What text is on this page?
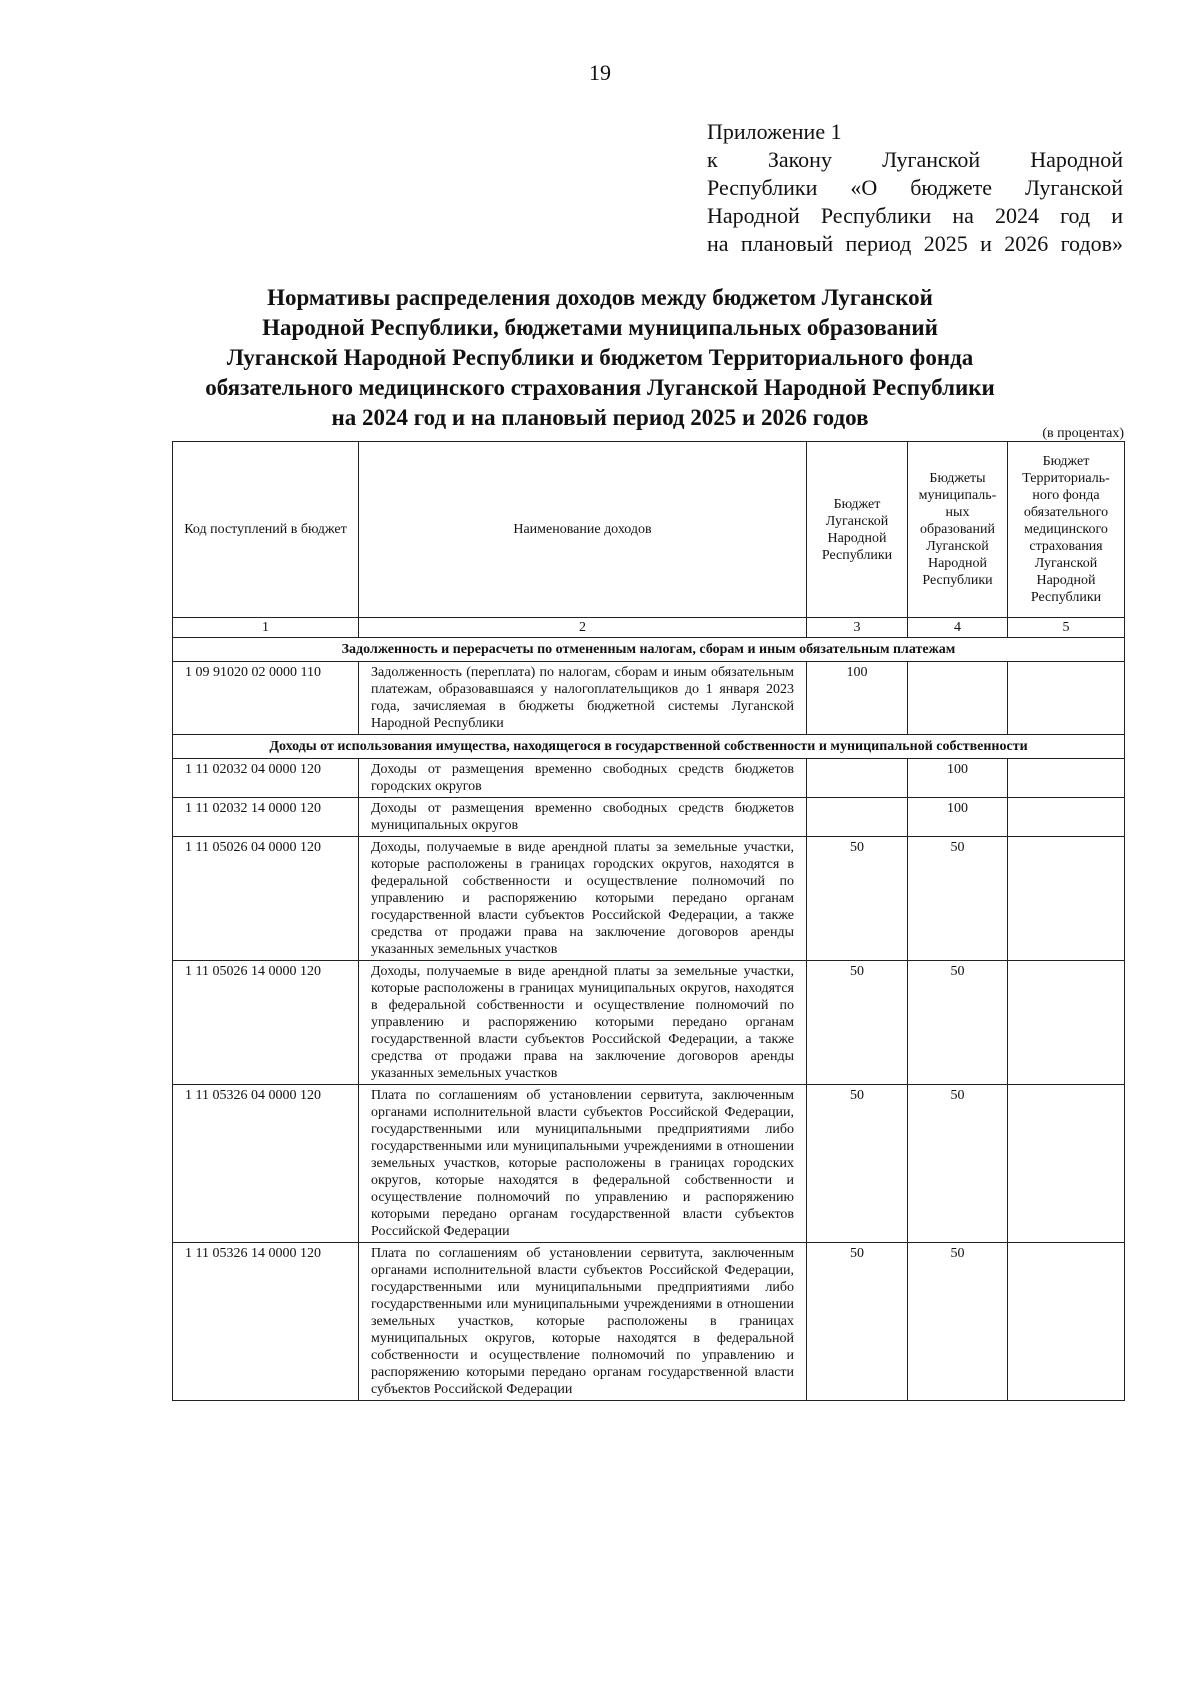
19
Приложение 1
к Закону Луганской Народной
Республики «О бюджете Луганской
Народной Республики на 2024 год и
на плановый период 2025 и 2026 годов»
Нормативы распределения доходов между бюджетом Луганской
Народной Республики, бюджетами муниципальных образований
Луганской Народной Республики и бюджетом Территориального фонда
обязательного медицинского страхования Луганской Народной Республики
на 2024 год и на плановый период 2025 и 2026 годов
(в процентах)
Код поступлений в бюджет	Наименование доходов	Бюджет Луганской Народной Республики	Бюджеты муниципаль-ных образований Луганской Народной Республики	Бюджет Территориаль-ного фонда обязательного медицинского страхования Луганской Народной Республики
1	2	3	4	5
Задолженность и перерасчеты по отмененным налогам, сборам и иным обязательным платежам				
1 09 91020 02 0000 110	Задолженность (переплата) по налогам, сборам и иным обязательным платежам, образовавшаяся у налогоплательщиков до 1 января 2023 года, зачисляемая в бюджеты бюджетной системы Луганской Народной Республики	100		
Доходы от использования имущества, находящегося в государственной собственности и муниципальной собственности				
1 11 02032 04 0000 120	Доходы от размещения временно свободных средств бюджетов городских округов		100	
1 11 02032 14 0000 120	Доходы от размещения временно свободных средств бюджетов муниципальных округов		100	
1 11 05026 04 0000 120	Доходы, получаемые в виде арендной платы за земельные участки, которые расположены в границах городских округов, находятся в федеральной собственности и осуществление полномочий по управлению и распоряжению которыми передано органам государственной власти субъектов Российской Федерации, а также средства от продажи права на заключение договоров аренды указанных земельных участков	50	50	
1 11 05026 14 0000 120	Доходы, получаемые в виде арендной платы за земельные участки, которые расположены в границах муниципальных округов, находятся в федеральной собственности и осуществление полномочий по управлению и распоряжению которыми передано органам государственной власти субъектов Российской Федерации, а также средства от продажи права на заключение договоров аренды указанных земельных участков	50	50	
1 11 05326 04 0000 120	Плата по соглашениям об установлении сервитута, заключенным органами исполнительной власти субъектов Российской Федерации, государственными или муниципальными предприятиями либо государственными или муниципальными учреждениями в отношении земельных участков, которые расположены в границах городских округов, которые находятся в федеральной собственности и осуществление полномочий по управлению и распоряжению которыми передано органам государственной власти субъектов Российской Федерации	50	50	
1 11 05326 14 0000 120	Плата по соглашениям об установлении сервитута, заключенным органами исполнительной власти субъектов Российской Федерации, государственными или муниципальными предприятиями либо государственными или муниципальными учреждениями в отношении земельных участков, которые расположены в границах муниципальных округов, которые находятся в федеральной собственности и осуществление полномочий по управлению и распоряжению которыми передано органам государственной власти субъектов Российской Федерации	50	50	
